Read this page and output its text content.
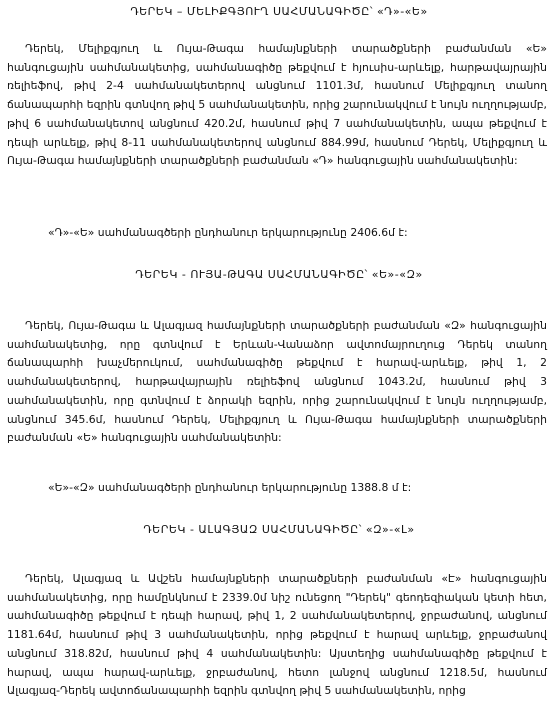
ԴԵՐԵԿ – ՄԵԼԻՔԳՅՈՒՂ ՍԱՀՄԱՆԱԳԻԾԸ՝ «Դ»-«Ե»

Դերեկ, Մելիքգյուղ և Ույա-Թագա համայնքների տարածքների բաժանման «Ե» հանգուցային սահմանակետից, սահմանագիծը թեքվում է հյուսիս-արևելք, հարթավայրային ռելիեֆով, թիվ 2-4 սահմանակետերով անցնում 1101.3մ, հասնում Մելիքգյուղ տանող ճանապարհի եզրին գտնվող թիվ 5 սահմանակետին, որից շարունակվում է նույն ուղղությամբ, թիվ 6 սահմանակետով անցնում 420.2մ, հասնում թիվ 7 սահմանակետին, ապա թեքվում է դեպի արևելք, թիվ 8-11 սահմանակետերով անցնում 884.99մ, հասնում Դերեկ, Մելիքգյուղ և Ույա-Թագա համայնքների տարածքների բաժանման «Դ» հանգուցային սահմանակետին:

«Դ»-«Ե» սահմանագծերի ընդհանուր երկարությունը 2406.6մ է:
ԴԵՐԵԿ - ՈՒՅԱ-ԹԱԳԱ ՍԱՀՄԱՆԱԳԻԾԸ՝ «Ե»-«Զ»

Դերեկ, Ույա-Թագա և Ալագյազ համայնքների տարածքների բաժանման «Զ» հանգուցային սահմանակետից, որը գտնվում է Երևան-Վանաձոր ավտոմայրուղուց Դերեկ տանող ճանապարհի խաչմերուկում, սահմանագիծը թեքվում է հարավ-արևելք, թիվ 1, 2 սահմանակետերով, հարթավայրային ռելիեֆով անցնում 1043.2մ, հասնում թիվ 3 սահմանակետին, որը գտնվում է ձորակի եզրին, որից շարունակվում է նույն ուղղությամբ, անցնում 345.6մ, հասնում Դերեկ, Մելիքգյուղ և Ույա-Թագա համայնքների տարածքների բաժանման «Ե» հանգուցային սահմանակետին:

«Ե»-«Զ» սահմանագծերի ընդհանուր երկարությունը 1388.8 մ է:
ԴԵՐԵԿ - ԱԼԱԳՅԱԶ ՍԱՀՄԱՆԱԳԻԾԸ՝ «Զ»-«Լ»

Դերեկ, Ալագյազ և Ավշեն համայնքների տարածքների բաժանման «Է» հանգուցային սահմանակետից, որը համընկնում է 2339.0մ նիշ ունեցող "Դերեկ" գեոդեզիական կետի հետ, սահմանագիծը թեքվում է դեպի հարավ, թիվ 1, 2 սահմանակետերով, ջրբաժանով, անցնում 1181.64մ, հասնում թիվ 3 սահմանակետին, որից թեքվում է հարավ արևելք, ջրբաժանով անցնում 318.82մ, հասնում թիվ 4 սահմանակետին: Այստեղից սահմանագիծը թեքվում է հարավ, ապա հարավ-արևելք, ջրբաժանով, հետո լանջով անցնում 1218.5մ, հասնում Ալագյազ-Դերեկ ավտոճանապարհի եզրին գտնվող թիվ 5 սահմանակետին, որից
